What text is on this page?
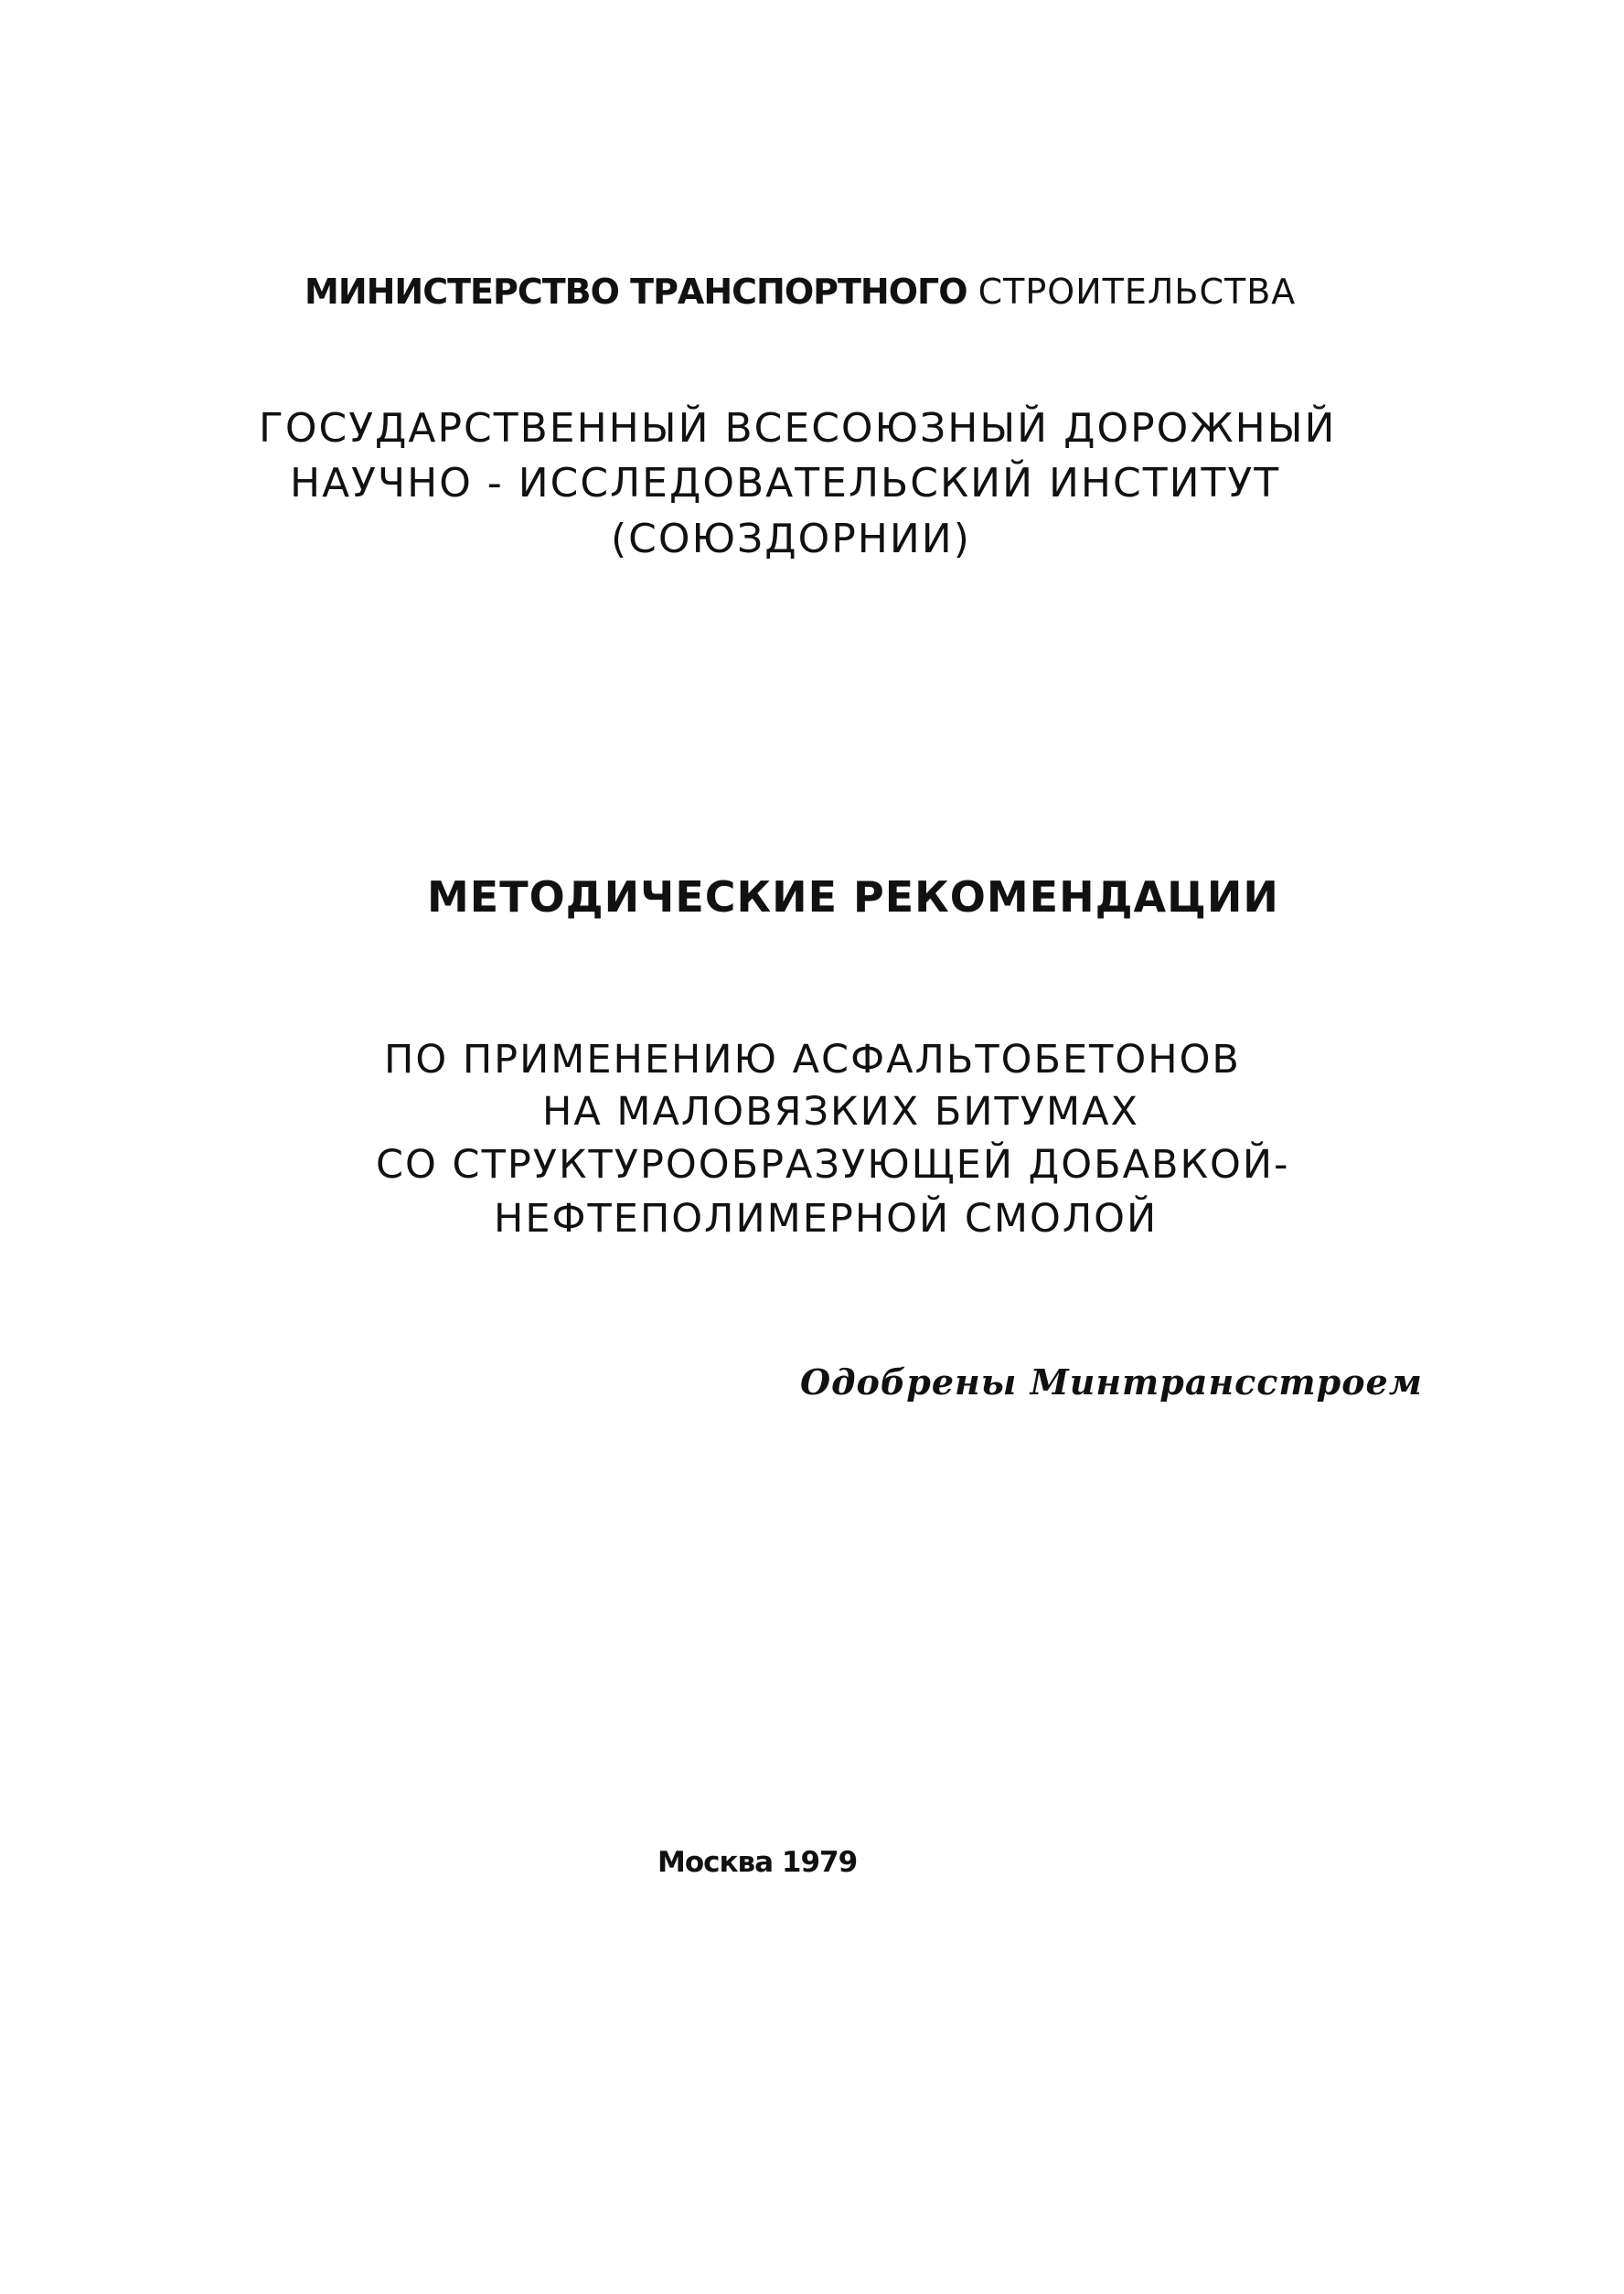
МИНИСТЕРСТВО ТРАНСПОРТНОГО СТРОИТЕЛЬСТВА
ГОСУДАРСТВЕННЫЙ ВСЕСОЮЗНЫЙ ДОРОЖНЫЙ
НАУЧНО - ИССЛЕДОВАТЕЛЬСКИЙ ИНСТИТУТ
(СОЮЗДОРНИИ)
МЕТОДИЧЕСКИЕ РЕКОМЕНДАЦИИ
ПО ПРИМЕНЕНИЮ АСФАЛЬТОБЕТОНОВ
НА МАЛОВЯЗКИХ БИТУМАХ
СО СТРУКТУРООБРАЗУЮЩЕЙ ДОБАВКОЙ-
НЕФТЕПОЛИМЕРНОЙ СМОЛОЙ
Одобрены Минтрансстроем
Москва 1979
